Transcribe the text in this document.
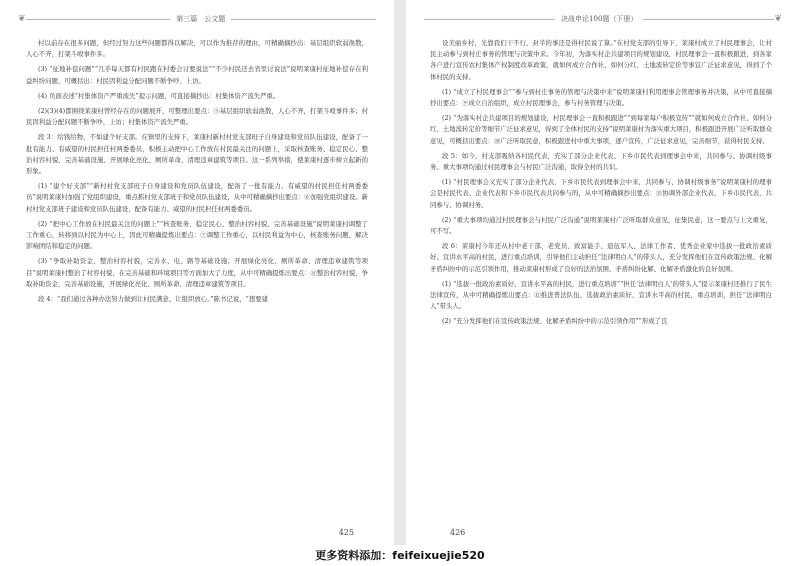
❦	第三篇　公文题

村以前存在很多问题，但经过努力这些问题都得以解决，可以作为推荐的理由，可精确摘抄出：基层组织软弱涣散，人心不齐，打架斗殴事件多。

(3) “征地补偿问题”“几乎每天都有村民跑在村委会讨要说法”“不少村民还去省里讨说法”说明莱康村征地补偿存在利益纠纷问题，可概括出：村民因利益分配问题不断争吵、上访。

(4) 负面表述“村集体资产严重流失”提示问题，可直接摘抄出：村集体资产流失严重。

(2)(3)(4)都围绕莱康村曾经存在的问题展开，可整理出要点：⑤基层组织软弱涣散，人心不齐，打架斗殴事件多；村民因利益分配问题不断争吵、上访；村集体资产流失严重。

段 3：给钱给物，不如建个好支部。在镇里的支持下，莱康村新村村党支部班子自身建设和党员队伍建设，配备了一批有能力、有威望的村民担任村两委委员，积极主动把中心工作放在村民最关注的问题上，采取核查账务、稳定民心、整治村容村貌、完善基础设施、开展绿化亮化、厕所革命、清理违章建筑等项目。这一系列举措，使莱康村逐步树立起新的形象。

(1) “建个好支部”“新村村党支部班子自身建设和党员队伍建设，配备了一批有能力、有威望的村民担任村两委委员”说明莱康村加强了党组织建设，重点抓村党支部班子和党员队伍建设，从中可精确摘抄出要点：⑥加强党组织建设。新村村党支部班子建设和党员队伍建设，配备有能力、威望的村民担任村两委委员。

(2) “把中心工作放在村民最关注的问题上”“核查账务、稳定民心、整治村容村貌、完善基础设施”说明莱康村调整了工作重心，转移到以村民为中心上，因此可精确提炼出要点：⑦调整工作重心，以村民利益为中心，核查账务问题，解决影响团结和稳定的问题。

(3) “争取补助资金，整治村容村貌，完善水、电、路等基础设施；开展绿化亮化、厕所革命、清理违章建筑等项目”说明莱康村整治了村容村貌，在完善基础和环境项目等方面加大了力度，从中可精确提炼出要点：⑧整治村容村貌，争取补助资金，完善基础设施，开展绿化亮化、厕所革命、清理违章建筑等项目。

段 4：“我们通过各种办法努力做到让村民满意、让组织放心。”陈书记说，“想要建

425
决战申论100题（下册）	❦

设美丽乡村，光靠我们干不行，封半的事还是得村民说了算。”在村党支部的引导下，莱康村成立了村民理事会，让村民主动参与到村庄事务的管理与决策中来。今年初，为落实村企共建项目的规划建设，村民理事会一直积极跟进，到各家各户进行宣传农村集体产权制度改革政策，就如何成立合作社、如何分红、土地流转定价等事宜广泛征求意见，得到了个体村民的支持。

(1) “成立了村民理事会”“参与到村庄事务的管理与决策中来”说明莱康村利用理事会管理事务并决策，从中可直接摘抄出要点：⑨成立自治组织，成立村民理事会，参与村务管理与决策。

(2) “为落实村企共建项目的规划建设，村民理事会一直积极跟进”“到每家每户积极宣传”“就如何成立合作社、如何分红、土地流转定价等细节广泛征求意见，得到了全体村民的支持”说明莱康村为落实重大项目，积极跟进开展广泛听取群众意见，可概括出要点：⑩广泛听取民意，积极跟进村中重大事项，逐户宣传，广泛征求意见，完善细节，获得村民支持。

段 5：如今，村支部吸纳各村民代表，充实了部分企业代表、下乡市民代表到理事会中来，共同参与、协调村级事务。重大事项均通过村民理事会与村民广泛沟通，取得全村的共识。

(1) “村民理事会又充实了部分企业代表、下乡市民代表到理事会中来，共同参与、协调村级事务”说明莱康村的理事会是村民代表、企业代表和下乡市民代表共同参与的，从中可精确摘抄出要点：⑪协调外部企业代表、下乡市民代表，共同参与、协调村务。

(2) “重大事项均通过村民理事会与村民广泛沟通”说明莱康村广泛听取群众意见，征集民意，这一要点与上文重复，可不写。

段 6：莱康村今年还从村中老干部、老党员、致富能手、退伍军人、法律工作者、优秀企业家中选拔一批政治素质好、宣讲水平高的村民，进行重点培训，引导他们主动担任“法律明白人”的带头人，充分发挥他们在宣传政策法规、化解矛盾纠纷中的示范引领作用，推动莱康村形成了良好的法治氛围、矛盾纠纷化解、化解矛盾激化的良好氛围。

(1) “选拔一批政治素质好、宣讲水平高的村民，进行重点培训”“担任‘法律明白人’的带头人”提示莱康村还推行了民生法律宣传，从中可精确提炼出要点：⑫推进普法队伍，选拔政治素质好、宣讲水平高的村民，重点培训，担任“法律明白人”带头人。

(2) “充分发挥他们在宣传政策法规、化解矛盾纠纷中的示范引领作用”“形成了良

426
更多资料添加：feifeixuejie520
